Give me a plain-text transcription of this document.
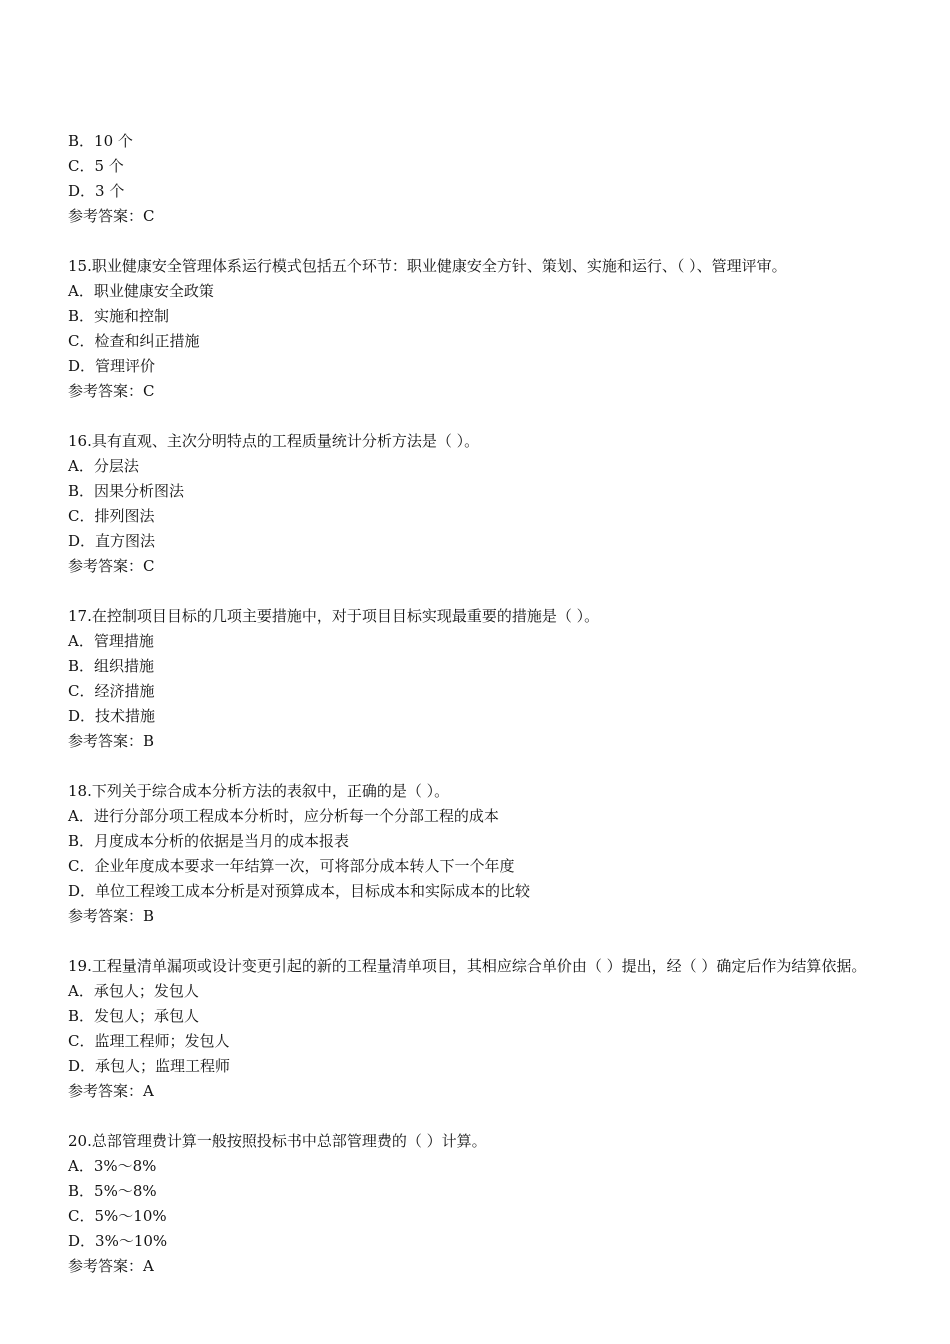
B．10 个
C．5 个
D．3 个
参考答案：C
15.职业健康安全管理体系运行模式包括五个环节：职业健康安全方针、策划、实施和运行、（ ）、管理评审。
A．职业健康安全政策
B．实施和控制
C．检查和纠正措施
D．管理评价
参考答案：C
16.具有直观、主次分明特点的工程质量统计分析方法是（ ）。
A．分层法
B．因果分析图法
C．排列图法
D．直方图法
参考答案：C
17.在控制项目目标的几项主要措施中，对于项目目标实现最重要的措施是（ ）。
A．管理措施
B．组织措施
C．经济措施
D．技术措施
参考答案：B
18.下列关于综合成本分析方法的表叙中，正确的是（ ）。
A．进行分部分项工程成本分析时，应分析每一个分部工程的成本
B．月度成本分析的依据是当月的成本报表
C．企业年度成本要求一年结算一次，可将部分成本转人下一个年度
D．单位工程竣工成本分析是对预算成本，目标成本和实际成本的比较
参考答案：B
19.工程量清单漏项或设计变更引起的新的工程量清单项目，其相应综合单价由（ ）提出，经（ ）确定后作为结算依据。
A．承包人；发包人
B．发包人；承包人
C．监理工程师；发包人
D．承包人；监理工程师
参考答案：A
20.总部管理费计算一般按照投标书中总部管理费的（ ）计算。
A．3%～8%
B．5%～8%
C．5%～10%
D．3%～10%
参考答案：A
